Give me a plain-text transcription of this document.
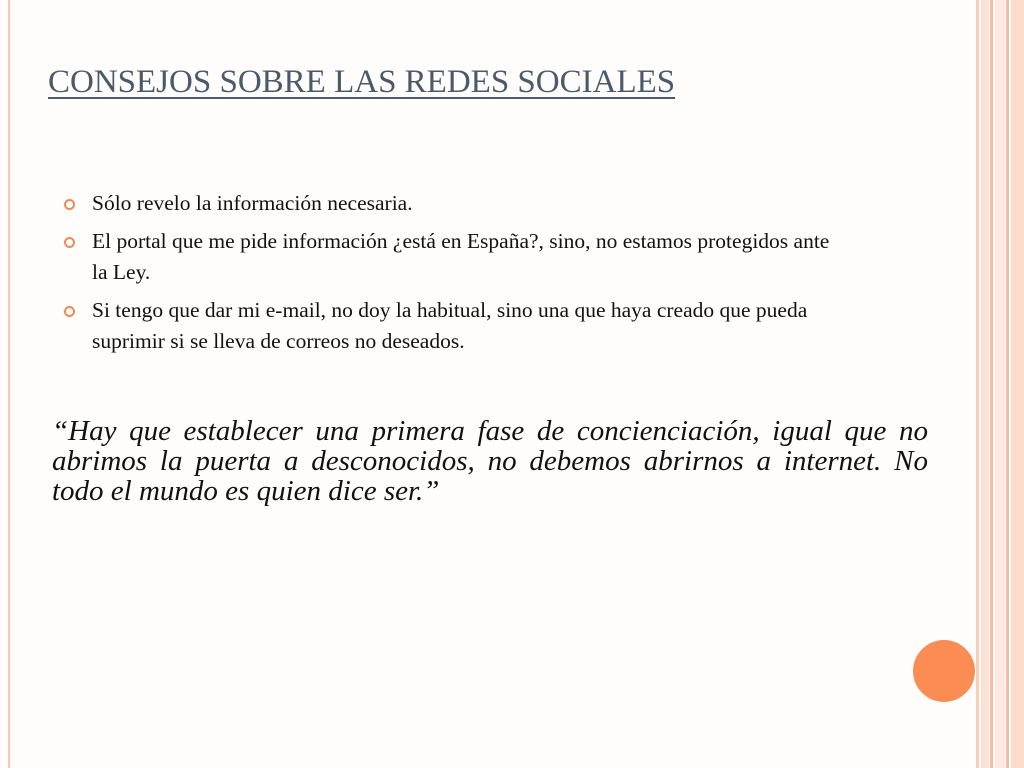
CONSEJOS SOBRE LAS REDES SOCIALES
Sólo revelo la información necesaria.
El portal que me pide información ¿está en España?, sino, no estamos protegidos ante la Ley.
Si tengo que dar mi e-mail, no doy la habitual, sino una que haya creado que pueda suprimir si se lleva de correos no deseados.
“Hay que establecer una primera fase de concienciación, igual que no abrimos la puerta a desconocidos, no debemos abrirnos a internet. No todo el mundo es quien dice ser.”
